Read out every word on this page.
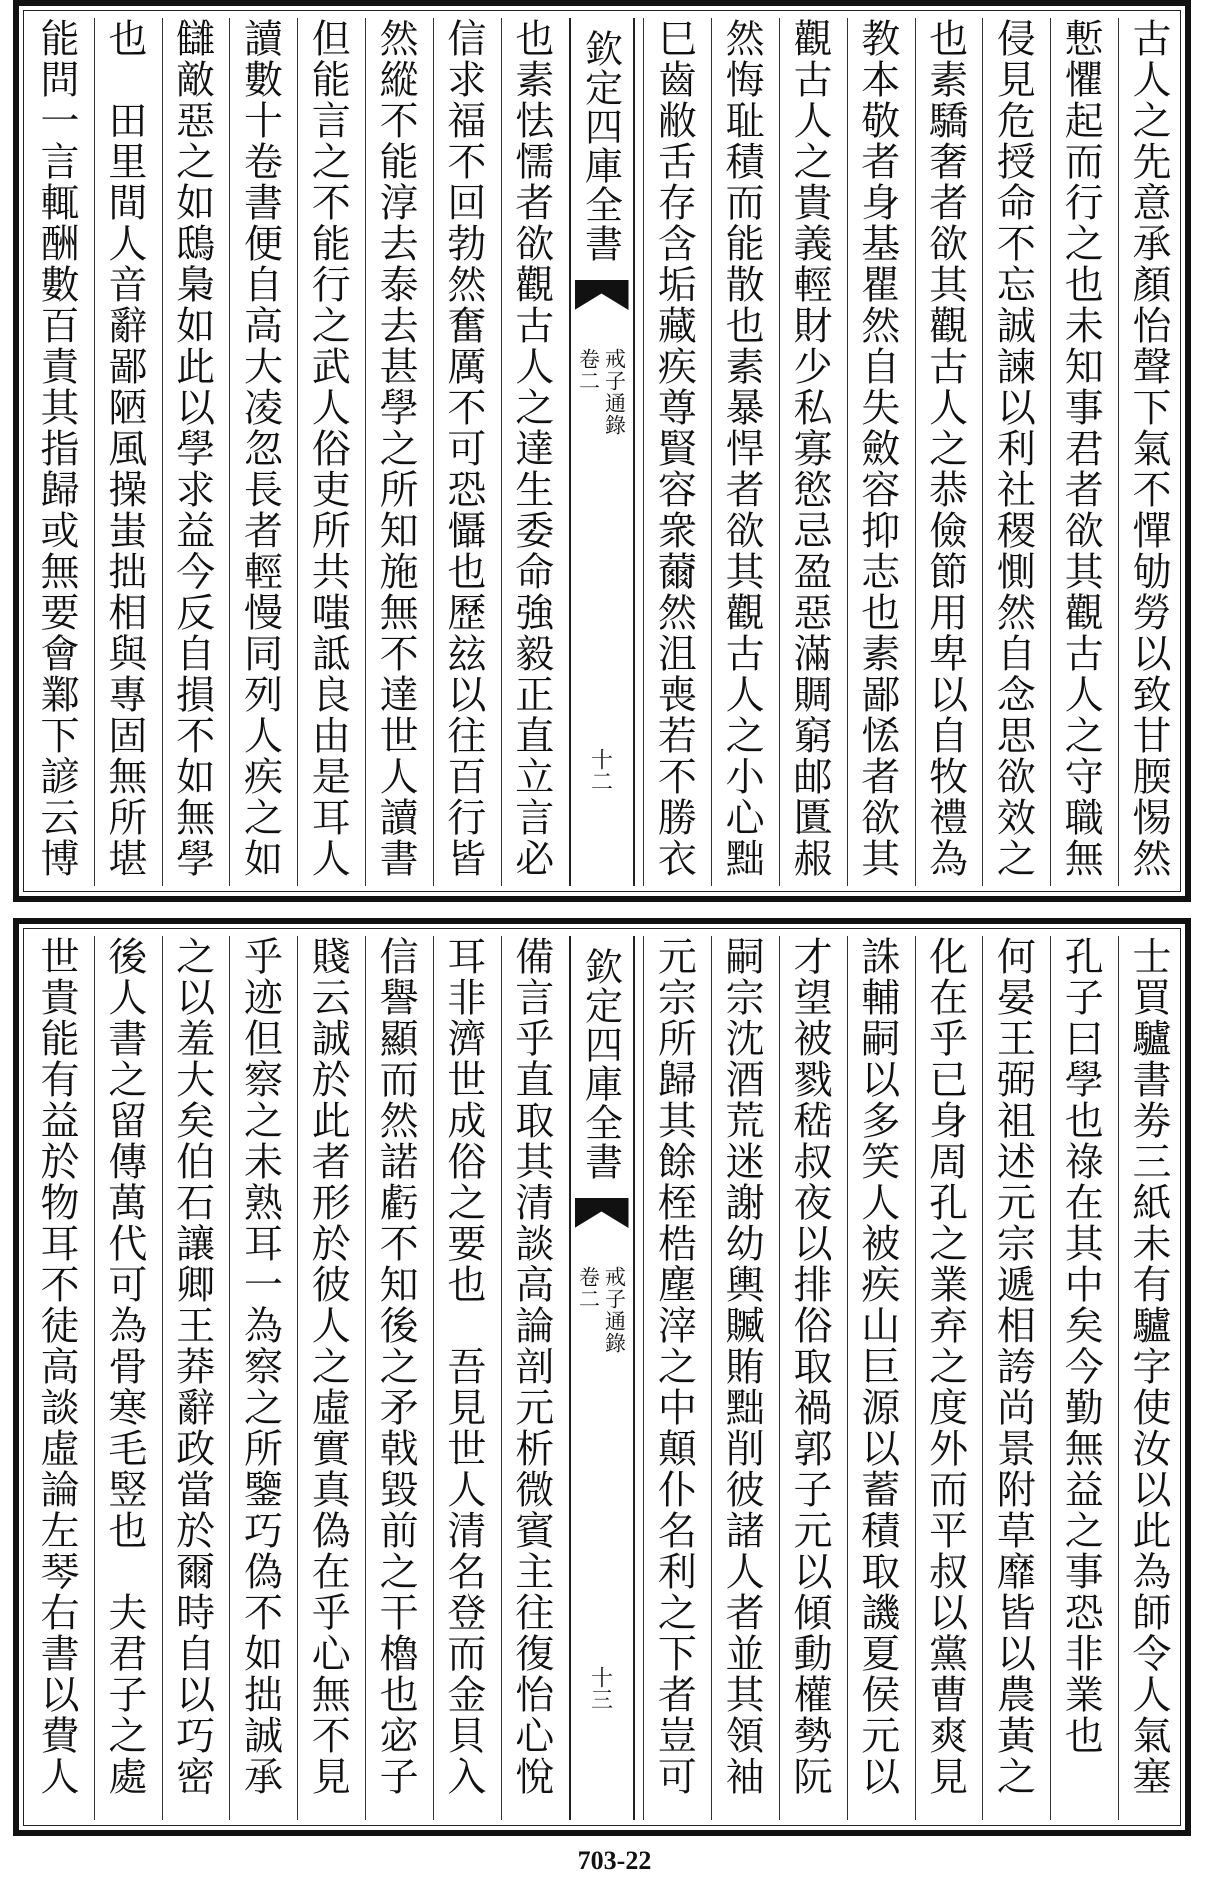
古人之先意承顏怡聲下氣不憚劬勞以致甘腝惕然
慙懼起而行之也未知事君者欲其觀古人之守職無
侵見危授命不忘誠諫以利社稷惻然自念思欲效之
也素驕奢者欲其觀古人之恭儉節用卑以自牧禮為
教本敬者身基瞿然自失斂容抑志也素鄙恡者欲其
觀古人之貴義輕財少私寡慾忌盈惡滿賙窮邮匱赧
然悔耻積而能散也素暴悍者欲其觀古人之小心黜
巳齒敝舌存含垢藏疾尊賢容衆薾然沮喪若不勝衣
欽定四庫全書
戒子通錄
卷二
十二
也素怯懦者欲觀古人之達生委命強毅正直立言必
信求福不回勃然奮厲不可恐懾也歷玆以往百行皆
然縱不能淳去泰去甚學之所知施無不達世人讀書
但能言之不能行之武人俗吏所共嗤詆良由是耳人
讀數十卷書便自高大凌忽長者輕慢同列人疾之如
讎敵惡之如鴟梟如此以學求益今反自損不如無學
也　田里間人音辭鄙陋風操蚩拙相與專固無所堪
能問一言輒酬數百責其指歸或無要會鄴下諺云博
士買驢書劵三紙未有驢字使汝以此為師令人氣塞
孔子曰學也祿在其中矣今勤無益之事恐非業也
何晏王弼祖述元宗遞相誇尚景附草靡皆以農黃之
化在乎已身周孔之業弃之度外而平叔以黨曹爽見
誅輔嗣以多笑人被疾山巨源以蓄積取譏夏侯元以
才望被戮嵇叔夜以排俗取禍郭子元以傾動權勢阮
嗣宗沈酒荒迷謝幼輿贓賄黜削彼諸人者並其領袖
元宗所歸其餘桎梏塵滓之中顛仆名利之下者豈可
欽定四庫全書
戒子通錄
卷二
十三
備言乎直取其清談高論剖元析微賓主往復怡心悅
耳非濟世成俗之要也　吾見世人清名登而金貝入
信譽顯而然諾虧不知後之矛戟毀前之干櫓也宓子
賤云誠於此者形於彼人之虛實真偽在乎心無不見
乎迹但察之未熟耳一為察之所鑒巧偽不如拙誠承
之以羞大矣伯石讓卿王莽辭政當於爾時自以巧密
後人書之留傳萬代可為骨寒毛竪也　夫君子之處
世貴能有益於物耳不徒高談虛論左琴右書以費人
703-22
